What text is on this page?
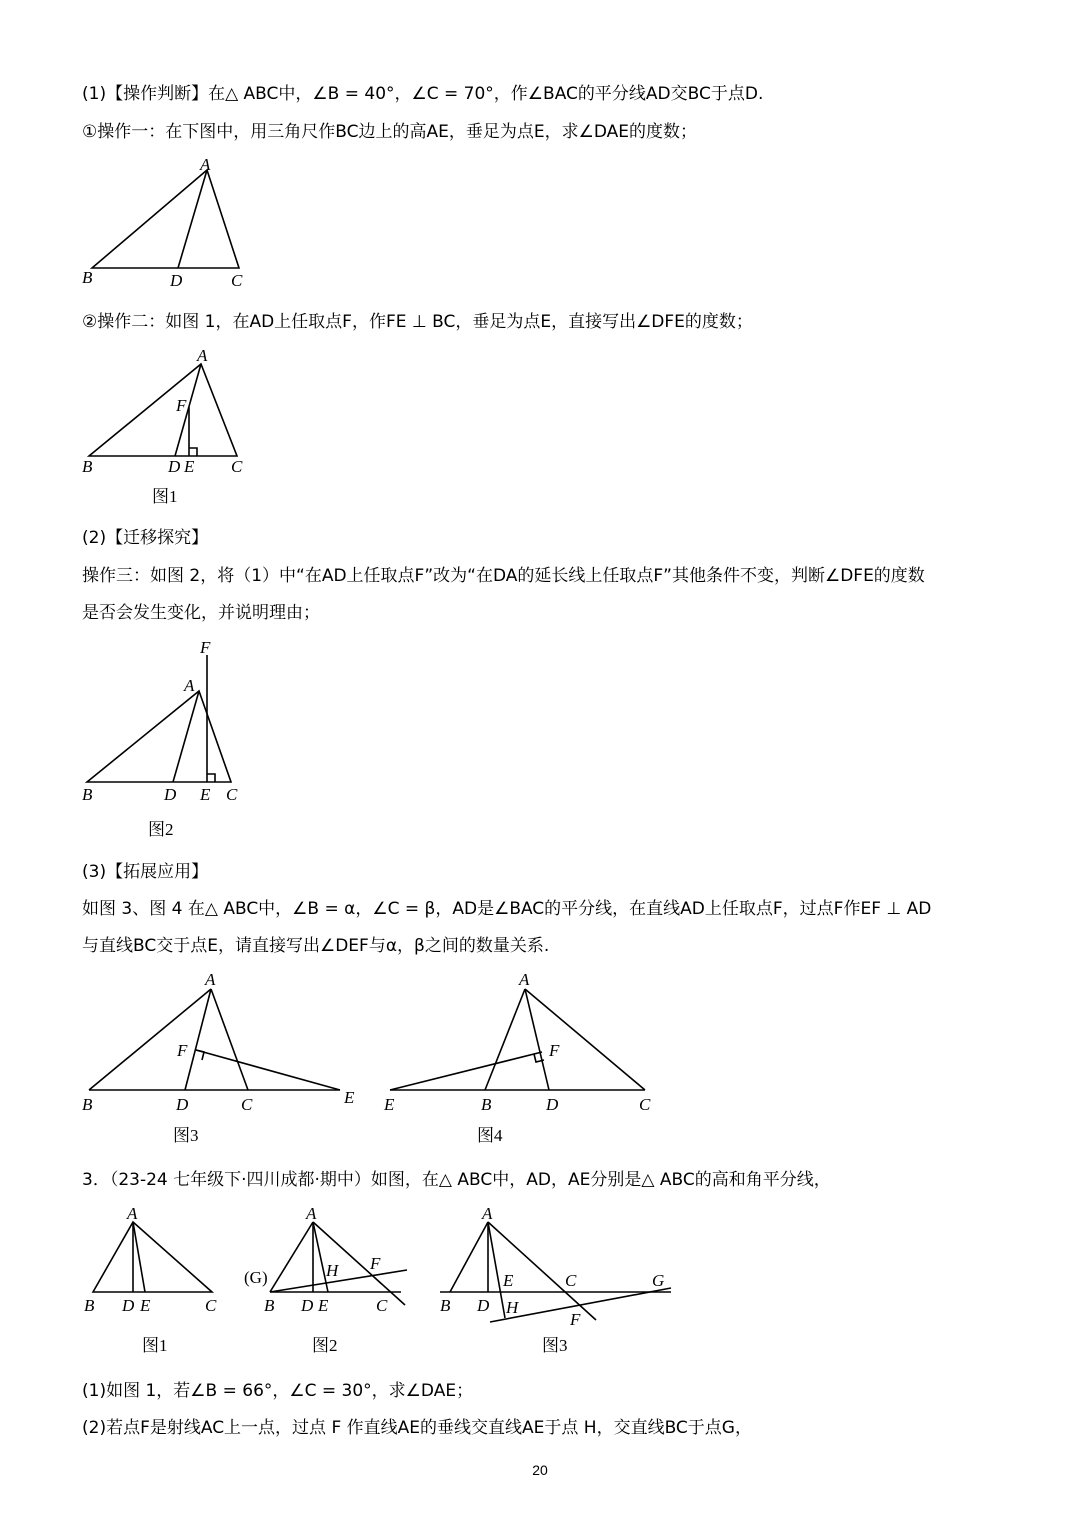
(1)【操作判断】在△ ABC中，∠B = 40°，∠C = 70°，作∠BAC的平分线AD交BC于点D.
①操作一：在下图中，用三角尺作BC边上的高AE，垂足为点E，求∠DAE的度数；
A
B	D	C
②操作二：如图 1，在AD上任取点F，作FE ⊥ BC，垂足为点E，直接写出∠DFE的度数；
A
F
B	D E C
图1
(2)【迁移探究】
操作三：如图 2，将（1）中“在AD上任取点F”改为“在DA的延长线上任取点F”其他条件不变，判断∠DFE的度数
是否会发生变化，并说明理由；
F
A
B	D E C
图2
(3)【拓展应用】
如图 3、图 4 在△ ABC中，∠B = α，∠C = β，AD是∠BAC的平分线，在直线AD上任取点F，过点F作EF ⊥ AD
与直线BC交于点E，请直接写出∠DEF与α，β之间的数量关系.
A
F
B	D	C	E
图3
A
F
E	B	D	C
图4
3．（23-24 七年级下·四川成都·期中）如图，在△ ABC中，AD，AE分别是△ ABC的高和角平分线，
A
B D E	C
图1
A
(G)	H F
B D E	C
图2
A
E	C	G
B D H
F
图3
(1)如图 1，若∠B = 66°，∠C = 30°，求∠DAE；
(2)若点F是射线AC上一点，过点 F 作直线AE的垂线交直线AE于点 H，交直线BC于点G，
20
